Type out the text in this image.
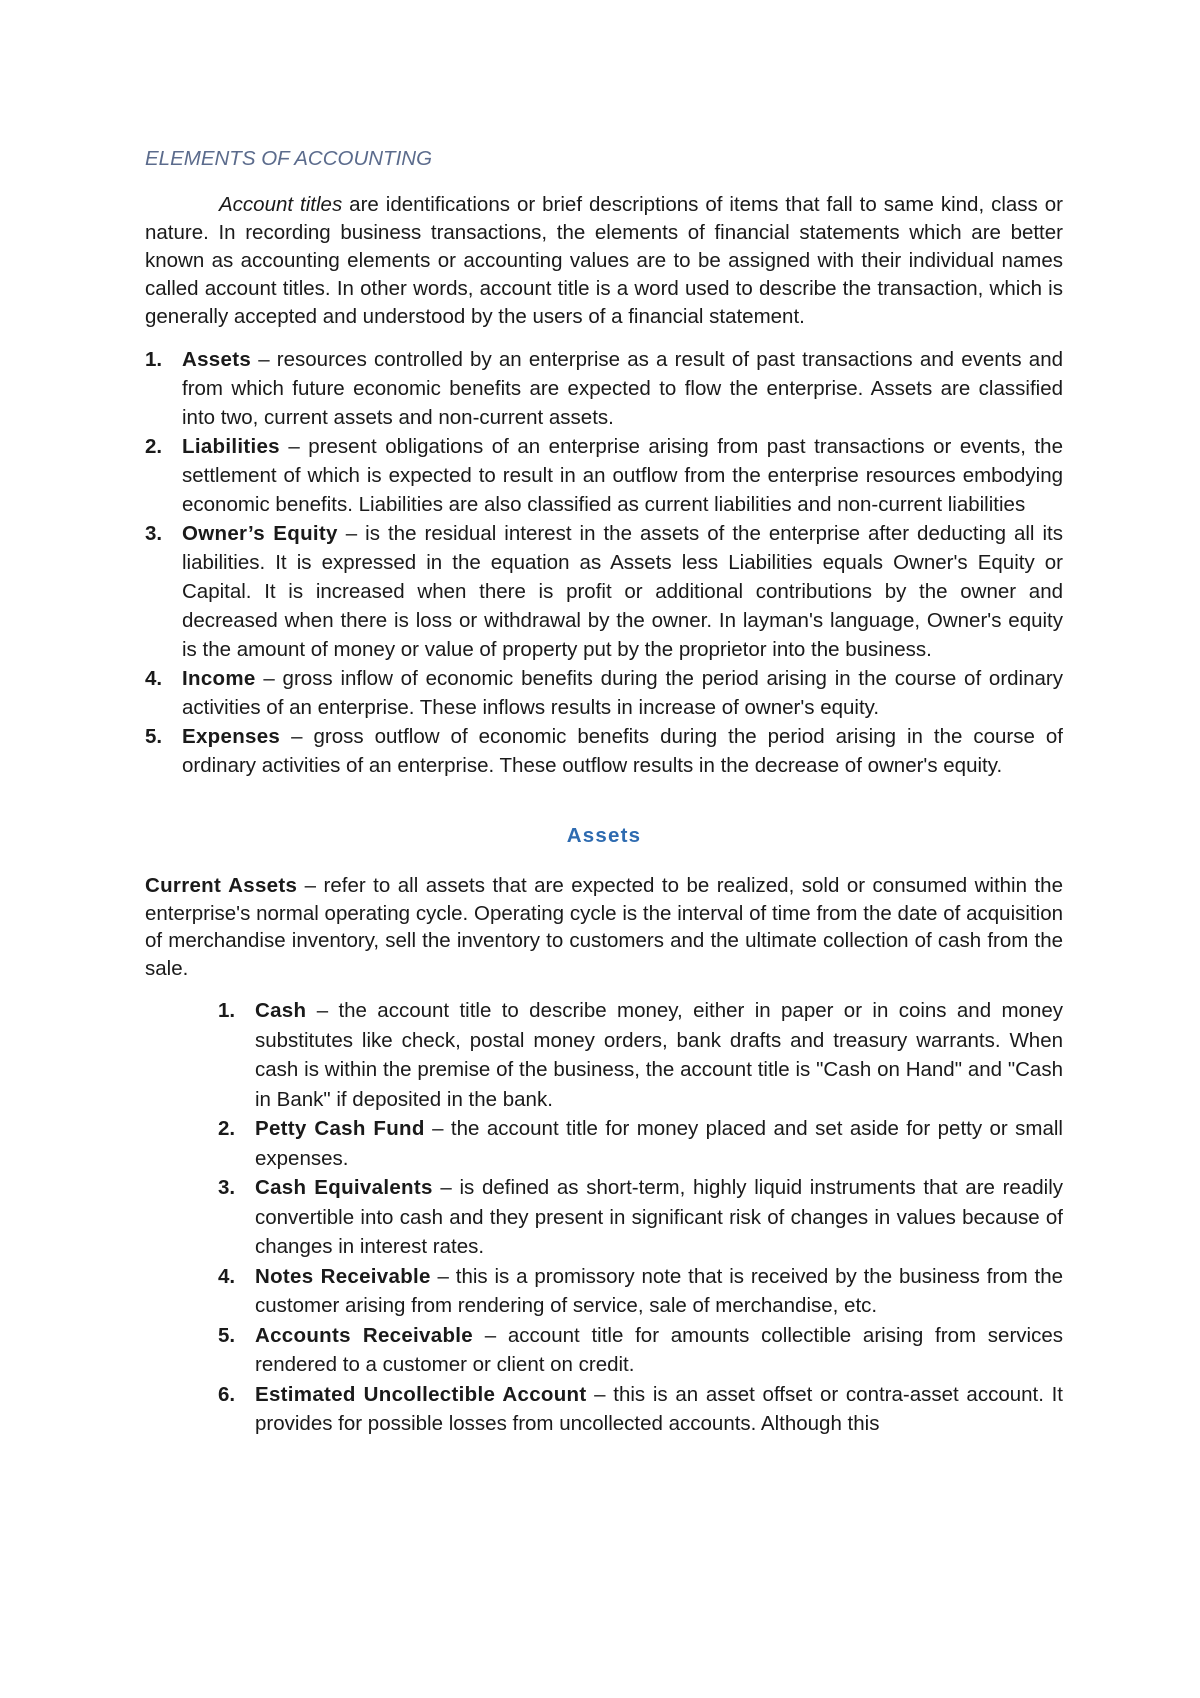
ELEMENTS OF ACCOUNTING

Account titles are identifications or brief descriptions of items that fall to same kind, class or nature. In recording business transactions, the elements of financial statements which are better known as accounting elements or accounting values are to be assigned with their individual names called account titles. In other words, account title is a word used to describe the transaction, which is generally accepted and understood by the users of a financial statement.

1. Assets – resources controlled by an enterprise as a result of past transactions and events and from which future economic benefits are expected to flow the enterprise. Assets are classified into two, current assets and non-current assets.
2. Liabilities – present obligations of an enterprise arising from past transactions or events, the settlement of which is expected to result in an outflow from the enterprise resources embodying economic benefits. Liabilities are also classified as current liabilities and non-current liabilities
3. Owner’s Equity – is the residual interest in the assets of the enterprise after deducting all its liabilities. It is expressed in the equation as Assets less Liabilities equals Owner's Equity or Capital. It is increased when there is profit or additional contributions by the owner and decreased when there is loss or withdrawal by the owner. In layman's language, Owner's equity is the amount of money or value of property put by the proprietor into the business.
4. Income – gross inflow of economic benefits during the period arising in the course of ordinary activities of an enterprise. These inflows results in increase of owner's equity.
5. Expenses – gross outflow of economic benefits during the period arising in the course of ordinary activities of an enterprise. These outflow results in the decrease of owner's equity.
Assets

Current Assets – refer to all assets that are expected to be realized, sold or consumed within the enterprise's normal operating cycle. Operating cycle is the interval of time from the date of acquisition of merchandise inventory, sell the inventory to customers and the ultimate collection of cash from the sale.

1. Cash – the account title to describe money, either in paper or in coins and money substitutes like check, postal money orders, bank drafts and treasury warrants. When cash is within the premise of the business, the account title is "Cash on Hand" and "Cash in Bank" if deposited in the bank.
2. Petty Cash Fund – the account title for money placed and set aside for petty or small expenses.
3. Cash Equivalents – is defined as short-term, highly liquid instruments that are readily convertible into cash and they present in significant risk of changes in values because of changes in interest rates.
4. Notes Receivable – this is a promissory note that is received by the business from the customer arising from rendering of service, sale of merchandise, etc.
5. Accounts Receivable – account title for amounts collectible arising from services rendered to a customer or client on credit.
6. Estimated Uncollectible Account – this is an asset offset or contra-asset account. It provides for possible losses from uncollected accounts. Although this
